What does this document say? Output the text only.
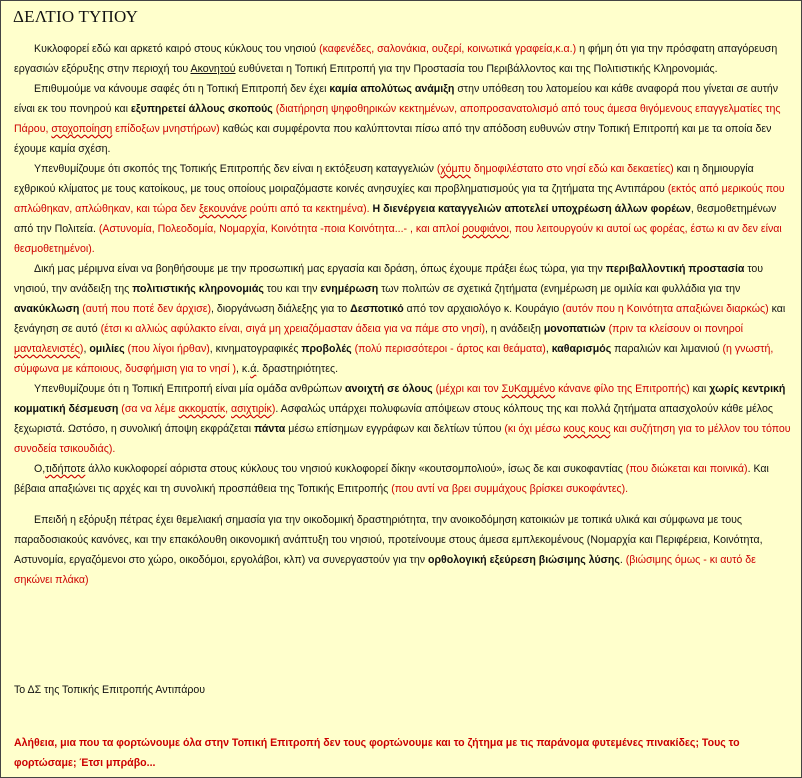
ΔΕΛΤΙΟ ΤΥΠΟΥ

Κυκλοφορεί εδώ και αρκετό καιρό στους κύκλους του νησιού (καφενέδες, σαλονάκια, ουζερί, κοινωτικά γραφεία,κ.α.) η φήμη ότι για την πρόσφατη απαγόρευση εργασιών εξόρυξης στην περιοχή του Ακονητού ευθύνεται η Τοπική Επιτροπή για την Προστασία του Περιβάλλοντος και της Πολιτιστικής Κληρονομιάς.

Επιθυμούμε να κάνουμε σαφές ότι η Τοπική Επιτροπή δεν έχει καμία απολύτως ανάμιξη στην υπόθεση του λατομείου και κάθε αναφορά που γίνεται σε αυτήν είναι εκ του πονηρού και εξυπηρετεί άλλους σκοπούς (διατήρηση ψηφοθηρικών κεκτημένων, αποπροσανατολισμό από τους άμεσα θιγόμενους επαγγελματίες της Πάρου, στοχοποίηση επίδοξων μνηστήρων) καθώς και συμφέροντα που καλύπτονται πίσω από την απόδοση ευθυνών στην Τοπική Επιτροπή και με τα οποία δεν έχουμε καμία σχέση.

Υπενθυμίζουμε ότι σκοπός της Τοπικής Επιτροπής δεν είναι η εκτόξευση καταγγελιών (χόμπυ δημοφιλέστατο στο νησί εδώ και δεκαετίες) και η δημιουργία εχθρικού κλίματος με τους κατοίκους, με τους οποίους μοιραζόμαστε κοινές ανησυχίες και προβληματισμούς για τα ζητήματα της Αντιπάρου (εκτός από μερικούς που απλώθηκαν, απλώθηκαν, και τώρα δεν ξεκουνάνε ρούπι από τα κεκτημένα). Η διενέργεια καταγγελιών αποτελεί υποχρέωση άλλων φορέων, θεσμοθετημένων από την Πολιτεία. (Αστυνομία, Πολεοδομία, Νομαρχία, Κοινότητα -ποια Κοινότητα...- , και απλοί ρουφιάνοι, που λειτουργούν κι αυτοί ως φορέας, έστω κι αν δεν είναι θεσμοθετημένοι).

Δική μας μέριμνα είναι να βοηθήσουμε με την προσωπική μας εργασία και δράση, όπως έχουμε πράξει έως τώρα, για την περιβαλλοντική προστασία του νησιού, την ανάδειξη της πολιτιστικής κληρονομιάς του και την ενημέρωση των πολιτών σε σχετικά ζητήματα (ενημέρωση με ομιλία και φυλλάδια για την ανακύκλωση (αυτή που ποτέ δεν άρχισε), διοργάνωση διάλεξης για το Δεσποτικό από τον αρχαιολόγο κ. Κουράγιο (αυτόν που η Κοινότητα απαξιώνει διαρκώς) και ξενάγηση σε αυτό (έτσι κι αλλιώς αφύλακτο είναι, σιγά μη χρειαζόμασταν άδεια για να πάμε στο νησί), η ανάδειξη μονοπατιών (πριν τα κλείσουν οι πονηροί μανταλενιστές), ομιλίες (που λίγοι ήρθαν), κινηματογραφικές προβολές (πολύ περισσότεροι - άρτος και θεάματα), καθαρισμός παραλιών και λιμανιού (η γνωστή, σύμφωνα με κάποιους, δυσφήμιση για το νησί ), κ.ά. δραστηριότητες.

Υπενθυμίζουμε ότι η Τοπική Επιτροπή είναι μία ομάδα ανθρώπων ανοιχτή σε όλους (μέχρι και τον ΣυΚαμμένο κάνανε φίλο της Επιτροπής) και χωρίς κεντρική κομματική δέσμευση (σα να λέμε ακκοματίκ, ασιχτιρίκ). Ασφαλώς υπάρχει πολυφωνία απόψεων στους κόλπους της και πολλά ζητήματα απασχολούν κάθε μέλος ξεχωριστά. Ωστόσο, η συνολική άποψη εκφράζεται πάντα μέσω επίσημων εγγράφων και δελτίων τύπου (κι όχι μέσω κους κους και συζήτηση για το μέλλον του τόπου συνοδεία τσικουδιάς).

Ο,τιδήποτε άλλο κυκλοφορεί αόριστα στους κύκλους του νησιού κυκλοφορεί δίκην «κουτσομπολιού», ίσως δε και συκοφαντίας (που διώκεται και ποινικά). Και βέβαια απαξιώνει τις αρχές και τη συνολική προσπάθεια της Τοπικής Επιτροπής (που αντί να βρει συμμάχους βρίσκει συκοφάντες).

Επειδή η εξόρυξη πέτρας έχει θεμελιακή σημασία για την οικοδομική δραστηριότητα, την ανοικοδόμηση κατοικιών με τοπικά υλικά και σύμφωνα με τους παραδοσιακούς κανόνες, και την επακόλουθη οικονομική ανάπτυξη του νησιού, προτείνουμε στους άμεσα εμπλεκομένους (Νομαρχία και Περιφέρεια, Κοινότητα, Αστυνομία, εργαζόμενοι στο χώρο, οικοδόμοι, εργολάβοι, κλπ) να συνεργαστούν για την ορθολογική εξεύρεση βιώσιμης λύσης. (βιώσιμης όμως - κι αυτό δε σηκώνει πλάκα)

Το ΔΣ της Τοπικής Επιτροπής Αντιπάρου
Αλήθεια, μια που τα φορτώνουμε όλα στην Τοπική Επιτροπή δεν τους φορτώνουμε και το ζήτημα με τις παράνομα φυτεμένες πινακίδες; Τους το φορτώσαμε; Έτσι μπράβο...
